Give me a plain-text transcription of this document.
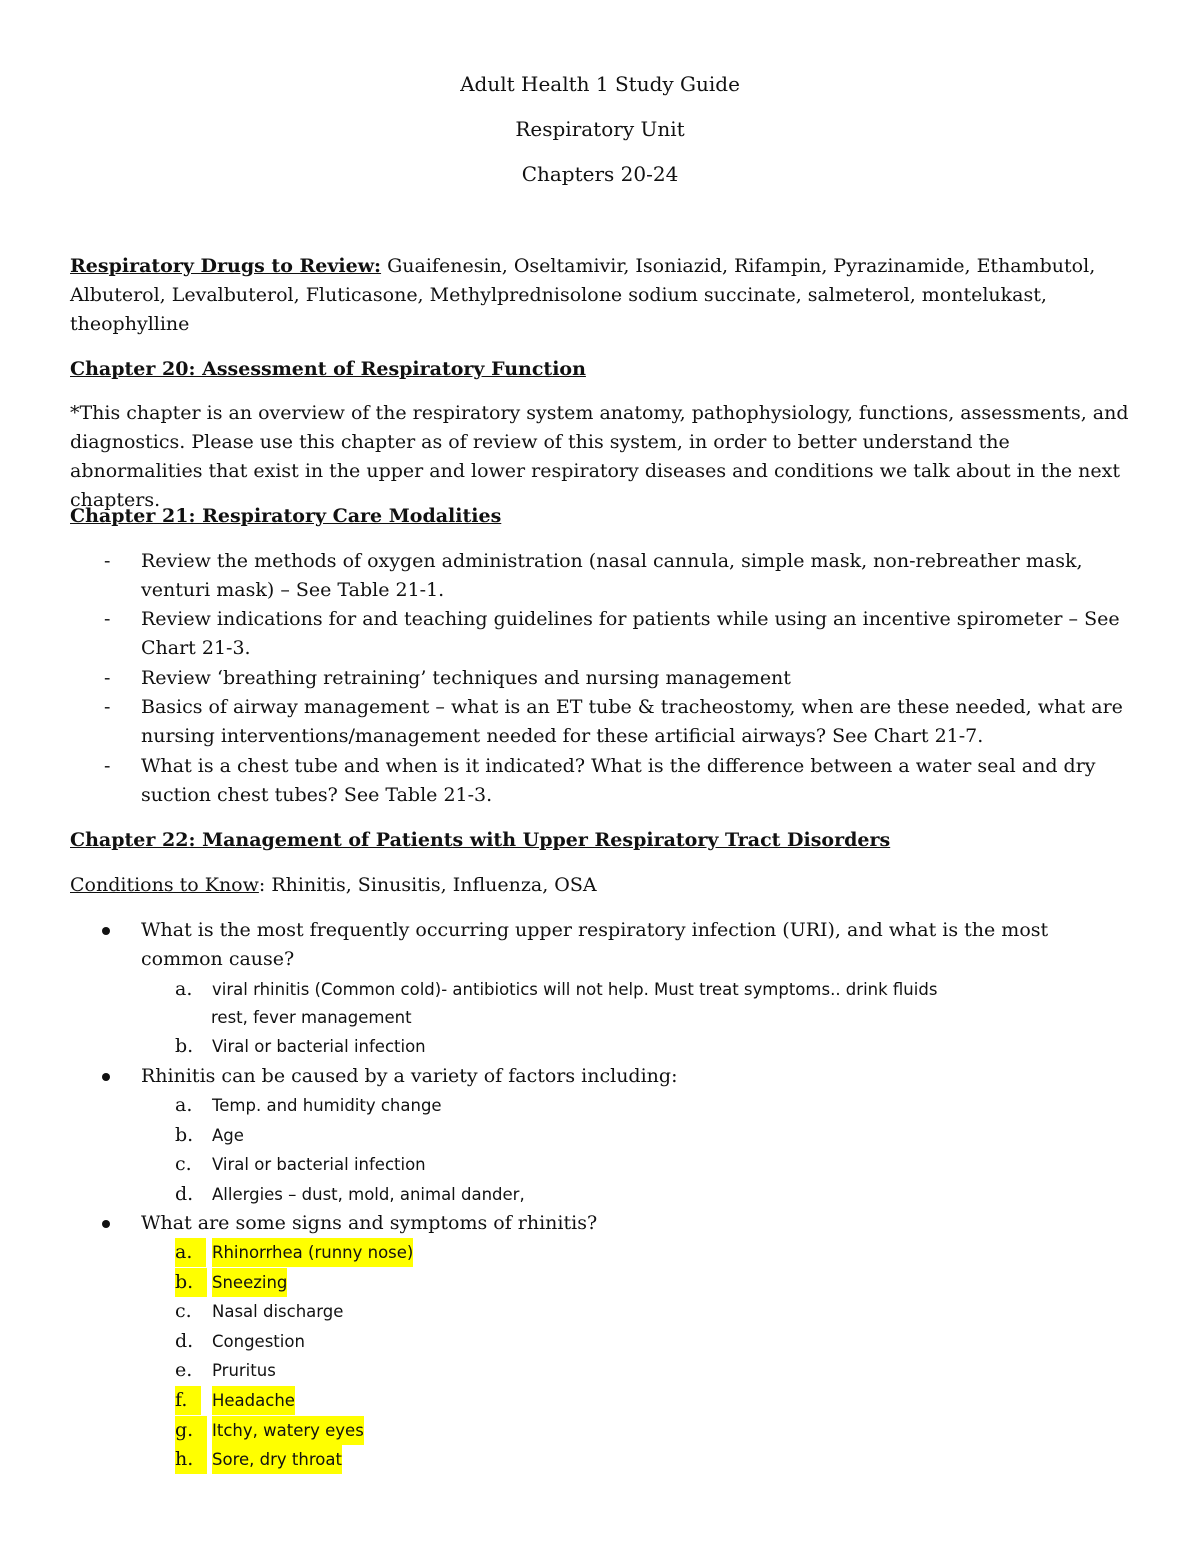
Adult Health 1 Study Guide
Respiratory Unit
Chapters 20-24
Respiratory Drugs to Review: Guaifenesin, Oseltamivir, Isoniazid, Rifampin, Pyrazinamide, Ethambutol, Albuterol, Levalbuterol, Fluticasone, Methylprednisolone sodium succinate, salmeterol, montelukast, theophylline
Chapter 20: Assessment of Respiratory Function
*This chapter is an overview of the respiratory system anatomy, pathophysiology, functions, assessments, and diagnostics. Please use this chapter as of review of this system, in order to better understand the abnormalities that exist in the upper and lower respiratory diseases and conditions we talk about in the next chapters.
Chapter 21: Respiratory Care Modalities
- Review the methods of oxygen administration (nasal cannula, simple mask, non-rebreather mask, venturi mask) – See Table 21-1.
- Review indications for and teaching guidelines for patients while using an incentive spirometer – See Chart 21-3.
- Review ‘breathing retraining’ techniques and nursing management
- Basics of airway management – what is an ET tube & tracheostomy, when are these needed, what are nursing interventions/management needed for these artificial airways? See Chart 21-7.
- What is a chest tube and when is it indicated? What is the difference between a water seal and dry suction chest tubes? See Table 21-3.
Chapter 22: Management of Patients with Upper Respiratory Tract Disorders
Conditions to Know: Rhinitis, Sinusitis, Influenza, OSA
What is the most frequently occurring upper respiratory infection (URI), and what is the most common cause?
a. viral rhinitis (Common cold)- antibiotics will not help. Must treat symptoms.. drink fluids
rest, fever management
b. Viral or bacterial infection
Rhinitis can be caused by a variety of factors including:
a. Temp. and humidity change
b. Age
c. Viral or bacterial infection
d. Allergies – dust, mold, animal dander,
What are some signs and symptoms of rhinitis?
a.	Rhinorrhea (runny nose)
b.	Sneezing
c. Nasal discharge
d. Congestion
e. Pruritus
f.	Headache
g.	Itchy, watery eyes
h.	Sore, dry throat
